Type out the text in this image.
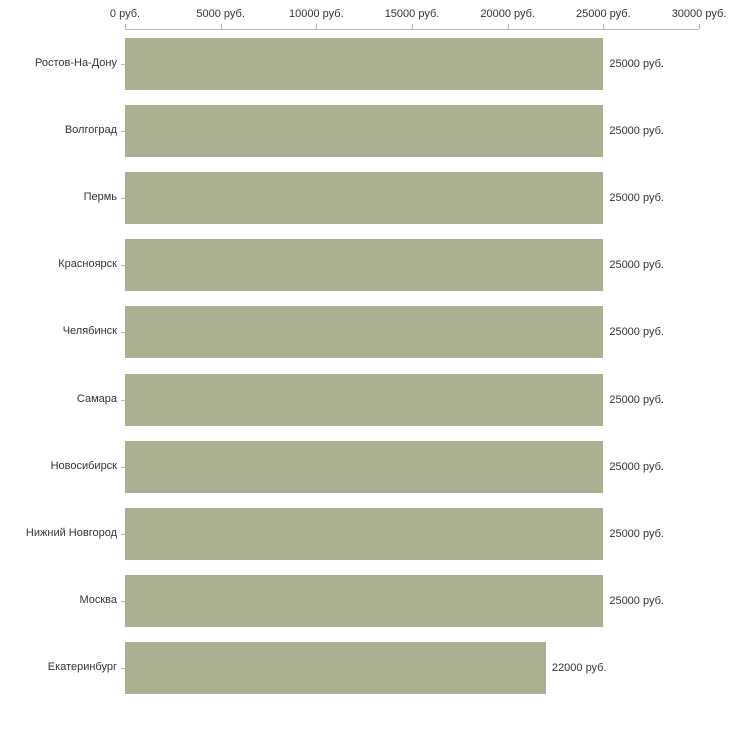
0 руб.	5000 руб.	10000 руб.	15000 руб.	20000 руб.	25000 руб.	30000 руб.
Ростов-На-Дону
Волгоград
Пермь
Красноярск
Челябинск
Самара
Новосибирск
Нижний Новгород
Москва
Екатеринбург
25000 руб.
25000 руб.
25000 руб.
25000 руб.
25000 руб.
25000 руб.
25000 руб.
25000 руб.
25000 руб.
22000 руб.
